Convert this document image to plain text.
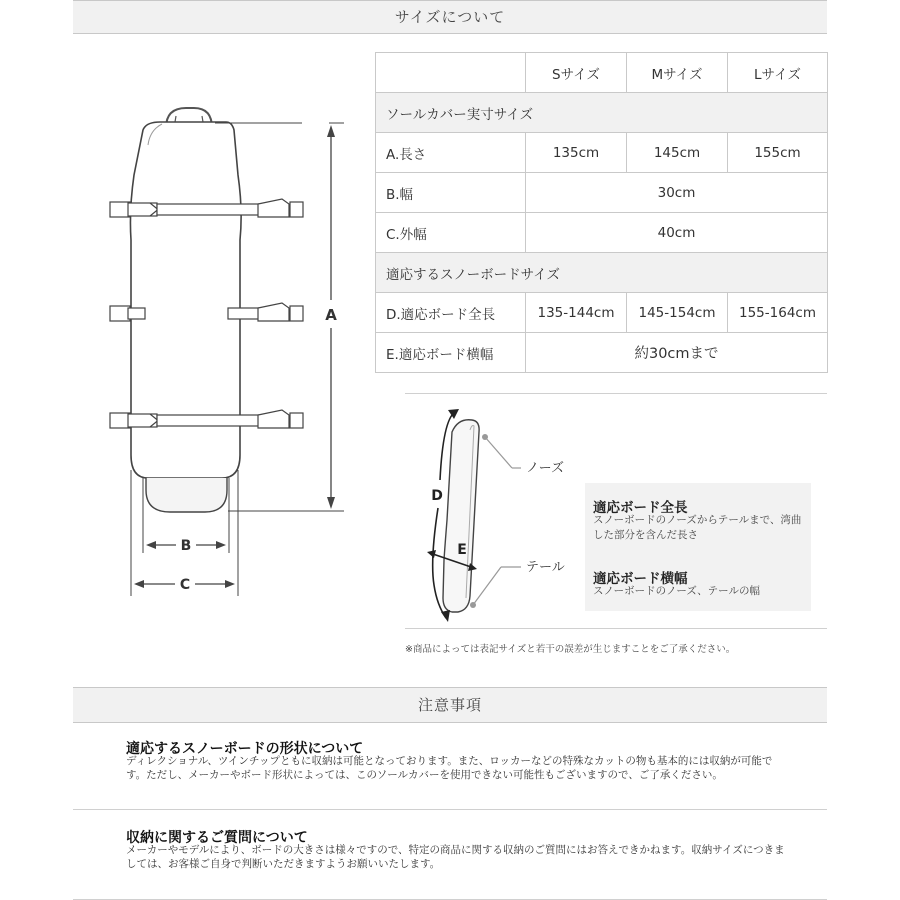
サイズについて
A
B
C
	Sサイズ	Mサイズ	Lサイズ
ソールカバー実寸サイズ			
A.長さ	135cm	145cm	155cm
B.幅	30cm		
C.外幅	40cm		
適応するスノーボードサイズ			
D.適応ボード全長	135-144cm	145-154cm	155-164cm
E.適応ボード横幅	約30cmまで		
D
E
ノーズ
テール
適応ボード全長
スノーボードのノーズからテールまで、湾曲した部分を含んだ長さ
適応ボード横幅
スノーボードのノーズ、テールの幅
※商品によっては表記サイズと若干の誤差が生じますことをご了承ください。
注意事項
適応するスノーボードの形状について
ディレクショナル、ツインチップともに収納は可能となっております。また、ロッカーなどの特殊なカットの物も基本的には収納が可能です。ただし、メーカーやボード形状によっては、このソールカバーを使用できない可能性もございますので、ご了承ください。
収納に関するご質問について
メーカーやモデルにより、ボードの大きさは様々ですので、特定の商品に関する収納のご質問にはお答えできかねます。収納サイズにつきましては、お客様ご自身で判断いただきますようお願いいたします。
